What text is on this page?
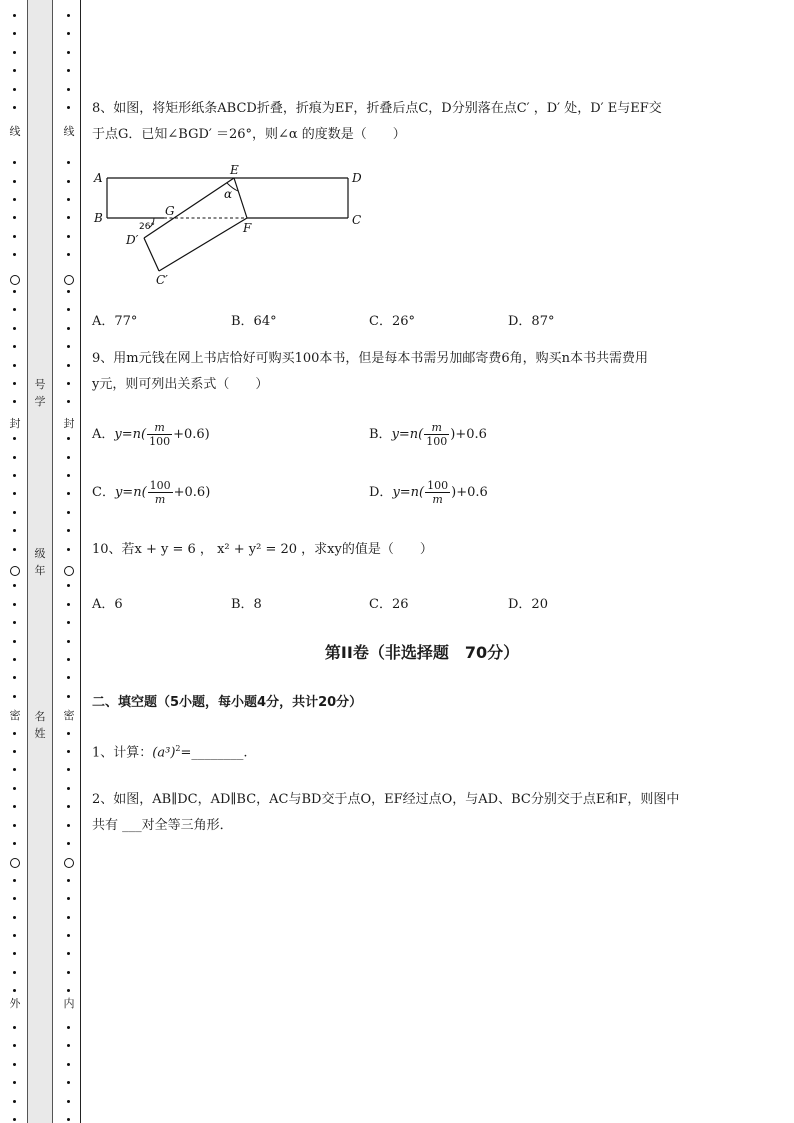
线
封
密
外
线
封
密
内
号学
级年
名姓
8、如图，将矩形纸条ABCD折叠，折痕为EF，折叠后点C，D分别落在点C′ ，D′ 处，D′ E与EF交
于点G．已知∠BGD′ ＝26°，则∠α 的度数是（　　）
A
B
D
C
E
F
G
D′
C′
α
26°
A．77°	B．64°	C．26°	D．87°
9、用m元钱在网上书店恰好可购买100本书，但是每本书需另加邮寄费6角，购买n本书共需费用
y元，则可列出关系式（　　）
A．$y=n( \frac{m}{100} +0.6)$	B．$y=n( \frac{m}{100} )+0.6$
C．$y=n( \frac{100}{m} +0.6)$	D．$y=n( \frac{100}{m} )+0.6$
10、若x + y = 6 ， x² + y² = 20 ，求xy的值是（　　）
A．6	B．8	C．26	D．20
第II卷（非选择题　70分）
二、填空题（5小题，每小题4分，共计20分）
1、计算：$(a^3)^2=\_\_\_\_\_\_\_\_$.
2、如图，AB∥DC，AD∥BC，AC与BD交于点O，EF经过点O，与AD、BC分别交于点E和F，则图中
共有 ___对全等三角形．
